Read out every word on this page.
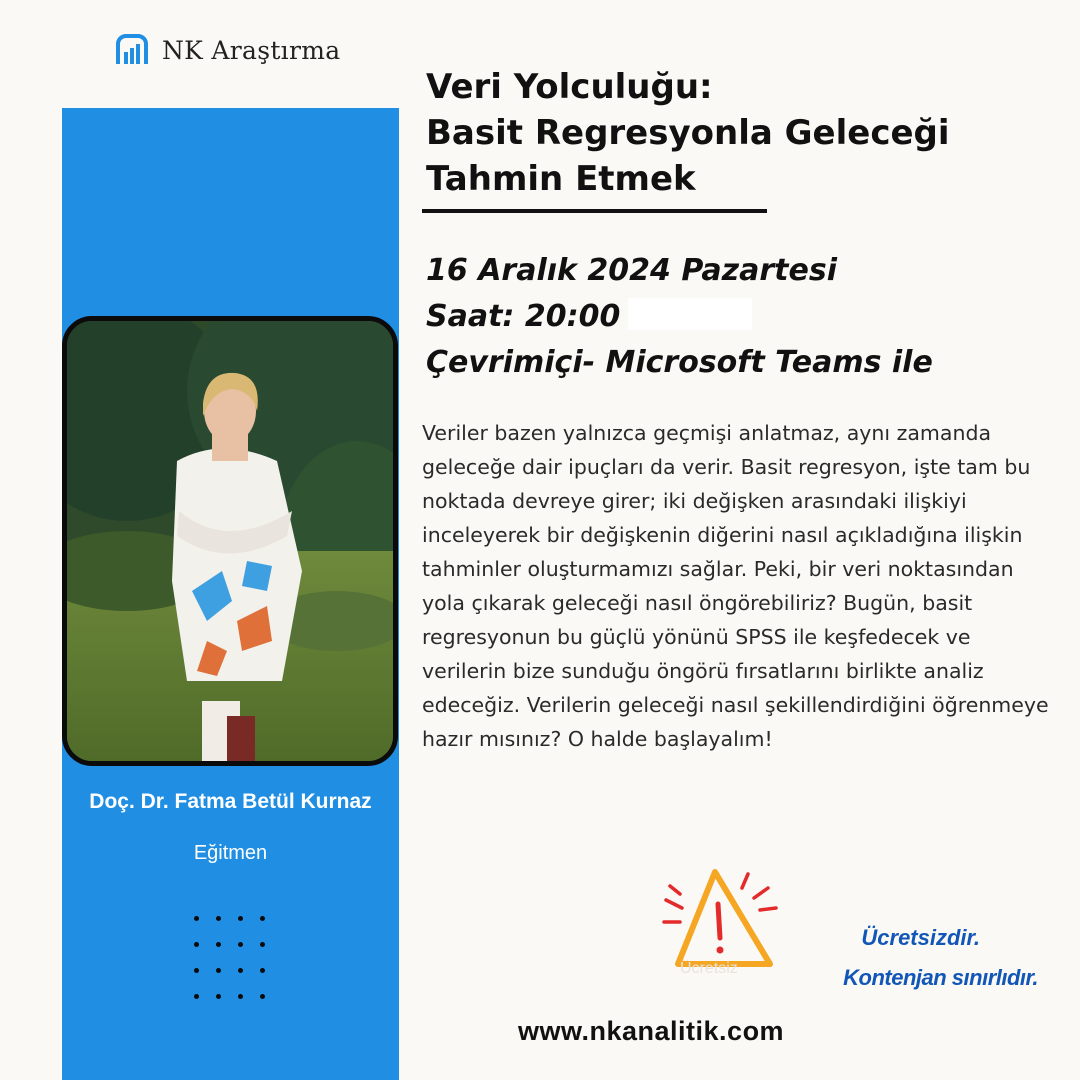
NK Araştırma
Doç. Dr. Fatma Betül Kurnaz
Eğitmen
Veri Yolculuğu:
Basit Regresyonla Geleceği
Tahmin Etmek
16 Aralık 2024 Pazartesi
Saat: 20:00
Çevrimiçi- Microsoft Teams ile
Veriler bazen yalnızca geçmişi anlatmaz, aynı zamanda geleceğe dair ipuçları da verir. Basit regresyon, işte tam bu noktada devreye girer; iki değişken arasındaki ilişkiyi inceleyerek bir değişkenin diğerini nasıl açıkladığına ilişkin tahminler oluşturmamızı sağlar. Peki, bir veri noktasından yola çıkarak geleceği nasıl öngörebiliriz? Bugün, basit regresyonun bu güçlü yönünü SPSS ile keşfedecek ve verilerin bize sunduğu öngörü fırsatlarını birlikte analiz edeceğiz. Verilerin geleceği nasıl şekillendirdiğini öğrenmeye hazır mısınız? O halde başlayalım!
Ücretsiz
Ücretsizdir.
Kontenjan sınırlıdır.
www.nkanalitik.com
